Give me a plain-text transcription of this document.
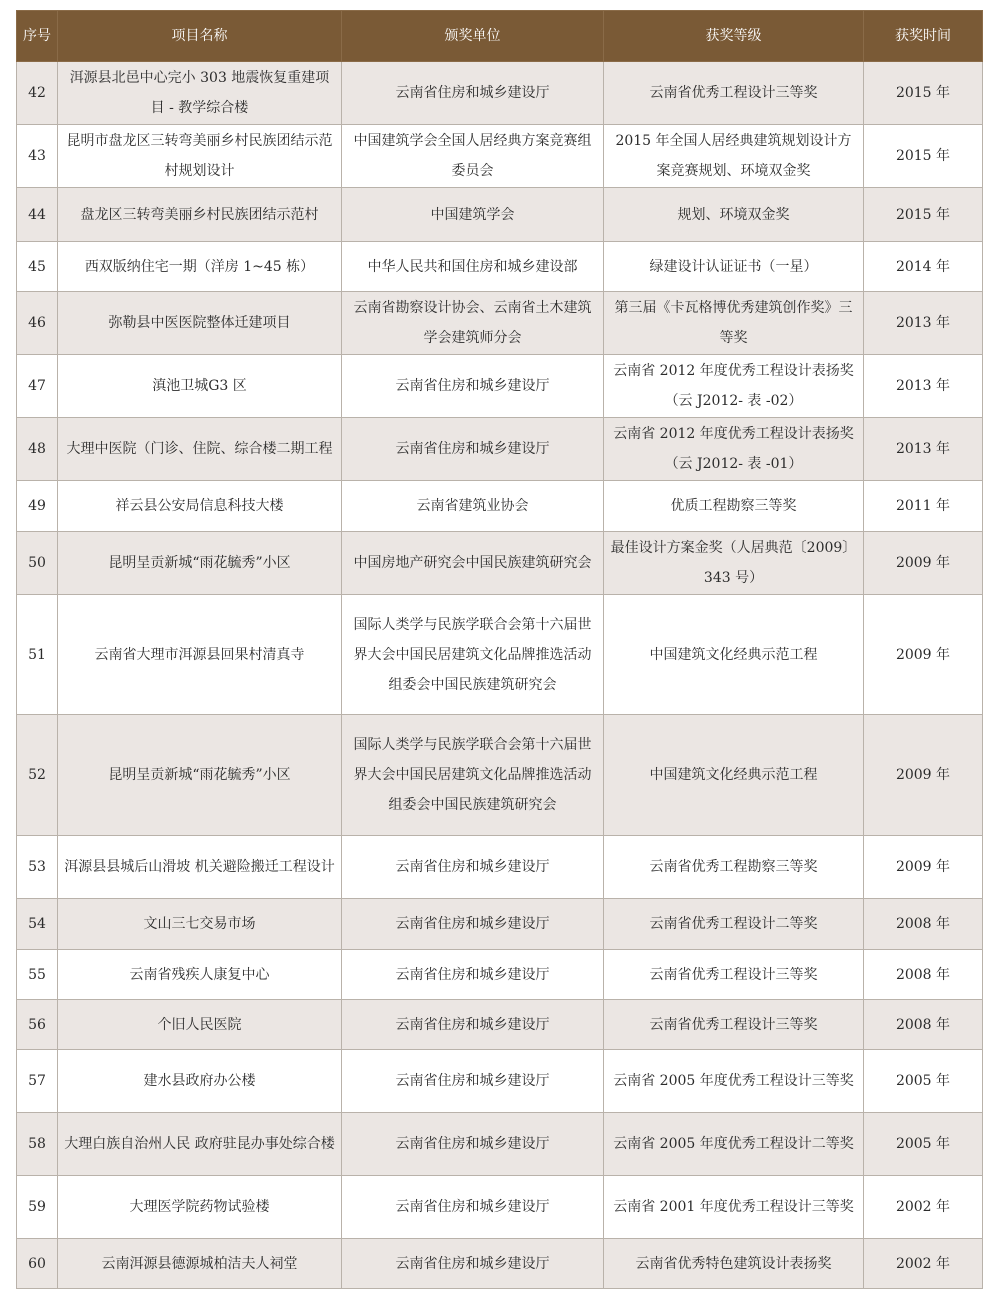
序号	项目名称	颁奖单位	获奖等级	获奖时间
42	洱源县北邑中心完小 303 地震恢复重建项目 - 教学综合楼	云南省住房和城乡建设厅	云南省优秀工程设计三等奖	2015 年
43	昆明市盘龙区三转弯美丽乡村民族团结示范村规划设计	中国建筑学会全国人居经典方案竞赛组委员会	2015 年全国人居经典建筑规划设计方案竞赛规划、环境双金奖	2015 年
44	盘龙区三转弯美丽乡村民族团结示范村	中国建筑学会	规划、环境双金奖	2015 年
45	西双版纳住宅一期（洋房 1~45 栋）	中华人民共和国住房和城乡建设部	绿建设计认证证书（一星）	2014 年
46	弥勒县中医医院整体迁建项目	云南省勘察设计协会、云南省土木建筑学会建筑师分会	第三届《卡瓦格博优秀建筑创作奖》三等奖	2013 年
47	滇池卫城G3 区	云南省住房和城乡建设厅	云南省 2012 年度优秀工程设计表扬奖（云 J2012- 表 -02）	2013 年
48	大理中医院（门诊、住院、综合楼二期工程	云南省住房和城乡建设厅	云南省 2012 年度优秀工程设计表扬奖（云 J2012- 表 -01）	2013 年
49	祥云县公安局信息科技大楼	云南省建筑业协会	优质工程勘察三等奖	2011 年
50	昆明呈贡新城“雨花毓秀”小区	中国房地产研究会中国民族建筑研究会	最佳设计方案金奖（人居典范〔2009〕343 号）	2009 年
51	云南省大理市洱源县回果村清真寺	国际人类学与民族学联合会第十六届世界大会中国民居建筑文化品牌推选活动组委会中国民族建筑研究会	中国建筑文化经典示范工程	2009 年
52	昆明呈贡新城“雨花毓秀”小区	国际人类学与民族学联合会第十六届世界大会中国民居建筑文化品牌推选活动组委会中国民族建筑研究会	中国建筑文化经典示范工程	2009 年
53	洱源县县城后山滑坡 机关避险搬迁工程设计	云南省住房和城乡建设厅	云南省优秀工程勘察三等奖	2009 年
54	文山三七交易市场	云南省住房和城乡建设厅	云南省优秀工程设计二等奖	2008 年
55	云南省残疾人康复中心	云南省住房和城乡建设厅	云南省优秀工程设计三等奖	2008 年
56	个旧人民医院	云南省住房和城乡建设厅	云南省优秀工程设计三等奖	2008 年
57	建水县政府办公楼	云南省住房和城乡建设厅	云南省 2005 年度优秀工程设计三等奖	2005 年
58	大理白族自治州人民 政府驻昆办事处综合楼	云南省住房和城乡建设厅	云南省 2005 年度优秀工程设计二等奖	2005 年
59	大理医学院药物试验楼	云南省住房和城乡建设厅	云南省 2001 年度优秀工程设计三等奖	2002 年
60	云南洱源县德源城柏洁夫人祠堂	云南省住房和城乡建设厅	云南省优秀特色建筑设计表扬奖	2002 年
